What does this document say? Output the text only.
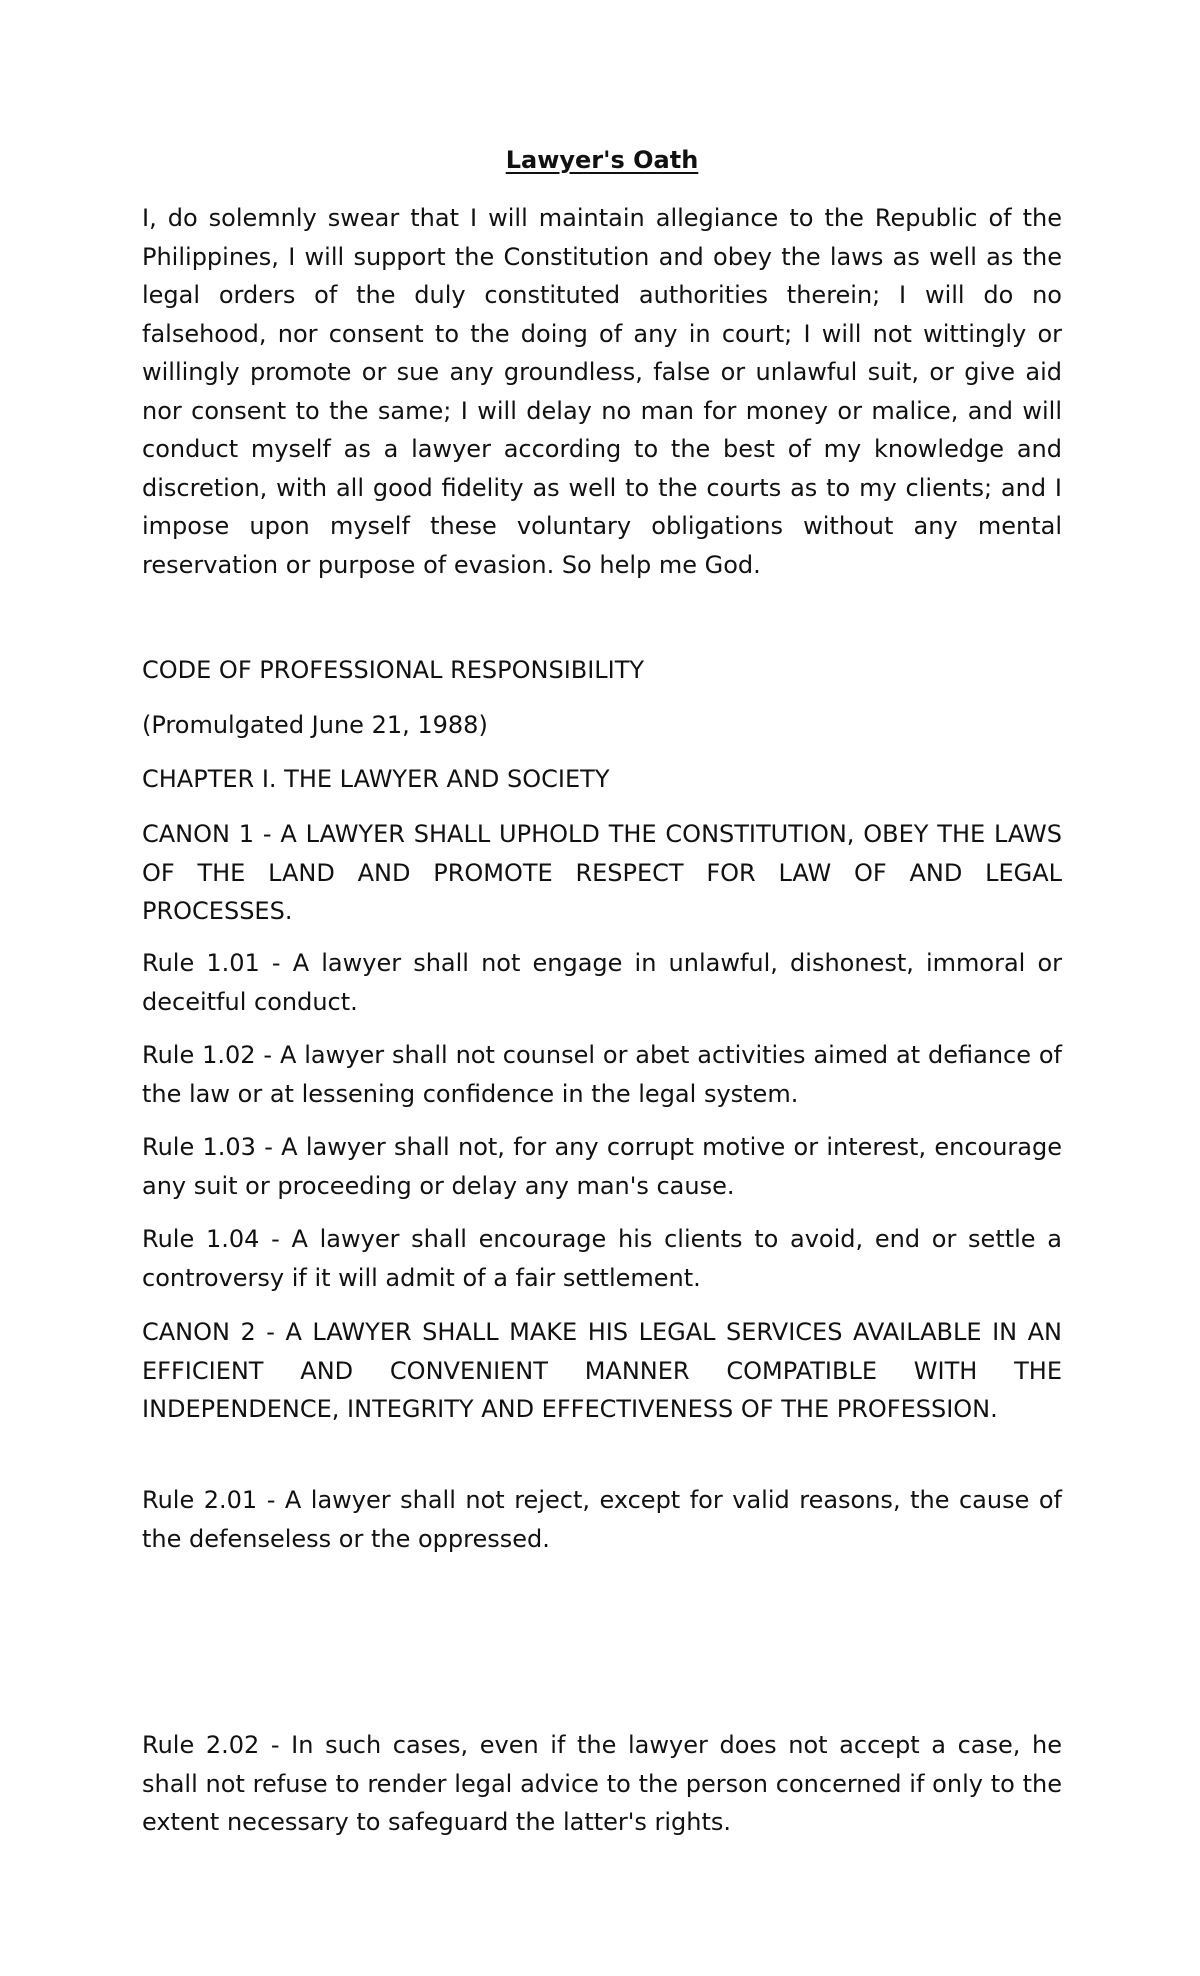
Lawyer's Oath

I, do solemnly swear that I will maintain allegiance to the Republic of the Philippines, I will support the Constitution and obey the laws as well as the legal orders of the duly constituted authorities therein; I will do no falsehood, nor consent to the doing of any in court; I will not wittingly or willingly promote or sue any groundless, false or unlawful suit, or give aid nor consent to the same; I will delay no man for money or malice, and will conduct myself as a lawyer according to the best of my knowledge and discretion, with all good fidelity as well to the courts as to my clients; and I impose upon myself these voluntary obligations without any mental reservation or purpose of evasion. So help me God.

CODE OF PROFESSIONAL RESPONSIBILITY

(Promulgated June 21, 1988)

CHAPTER I. THE LAWYER AND SOCIETY

CANON 1 - A LAWYER SHALL UPHOLD THE CONSTITUTION, OBEY THE LAWS OF THE LAND AND PROMOTE RESPECT FOR LAW OF AND LEGAL PROCESSES.

Rule 1.01 - A lawyer shall not engage in unlawful, dishonest, immoral or deceitful conduct.

Rule 1.02 - A lawyer shall not counsel or abet activities aimed at defiance of the law or at lessening confidence in the legal system.

Rule 1.03 - A lawyer shall not, for any corrupt motive or interest, encourage any suit or proceeding or delay any man's cause.

Rule 1.04 - A lawyer shall encourage his clients to avoid, end or settle a controversy if it will admit of a fair settlement.

CANON 2 - A LAWYER SHALL MAKE HIS LEGAL SERVICES AVAILABLE IN AN EFFICIENT AND CONVENIENT MANNER COMPATIBLE WITH THE INDEPENDENCE, INTEGRITY AND EFFECTIVENESS OF THE PROFESSION.

Rule 2.01 - A lawyer shall not reject, except for valid reasons, the cause of the defenseless or the oppressed.

Rule 2.02 - In such cases, even if the lawyer does not accept a case, he shall not refuse to render legal advice to the person concerned if only to the extent necessary to safeguard the latter's rights.
